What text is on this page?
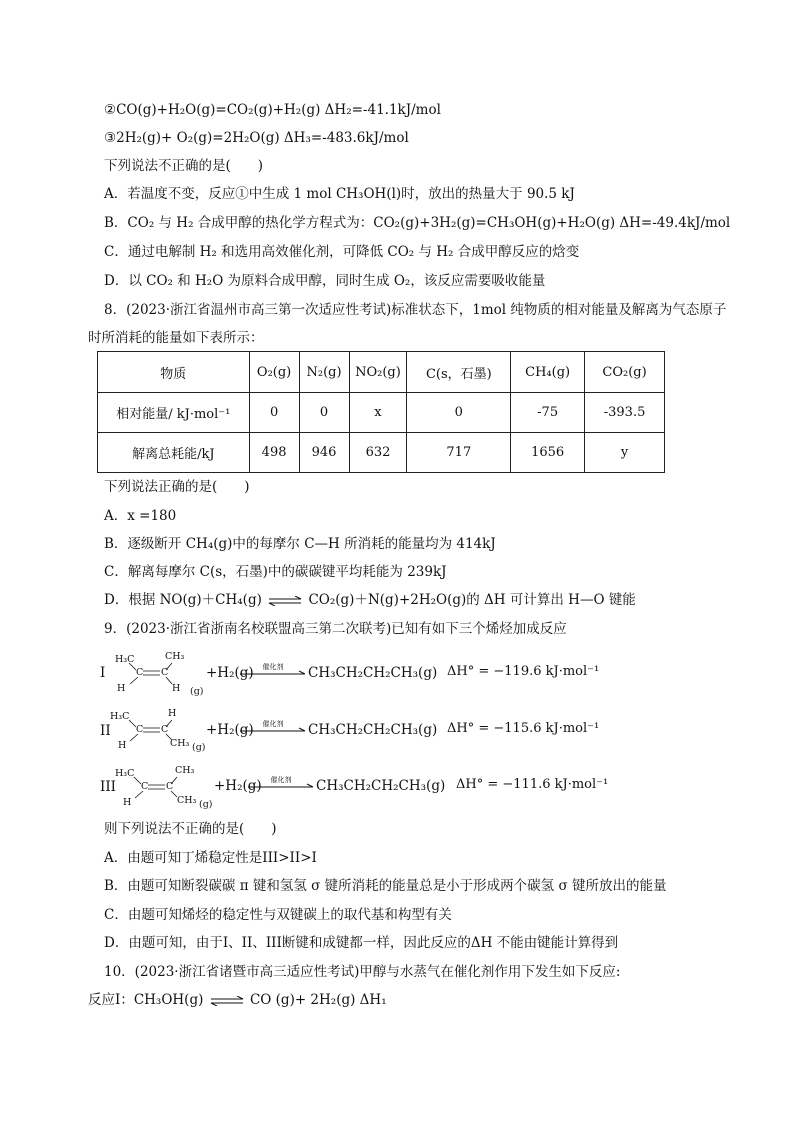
②CO(g)+H₂O(g)=CO₂(g)+H₂(g) ΔH₂=-41.1kJ/mol
③2H₂(g)+ O₂(g)=2H₂O(g) ΔH₃=-483.6kJ/mol
下列说法不正确的是(　　)
A．若温度不变，反应①中生成 1 mol CH₃OH(l)时，放出的热量大于 90.5 kJ
B．CO₂ 与 H₂ 合成甲醇的热化学方程式为：CO₂(g)+3H₂(g)=CH₃OH(g)+H₂O(g) ΔH=-49.4kJ/mol
C．通过电解制 H₂ 和选用高效催化剂，可降低 CO₂ 与 H₂ 合成甲醇反应的焓变
D．以 CO₂ 和 H₂O 为原料合成甲醇，同时生成 O₂，该反应需要吸收能量
8．(2023·浙江省温州市高三第一次适应性考试)标准状态下，1mol 纯物质的相对能量及解离为气态原子
时所消耗的能量如下表所示：
物质	O₂(g)	N₂(g)	NO₂(g)	C(s，石墨)	CH₄(g)	CO₂(g)
相对能量/ kJ·mol⁻¹	0	0	x	0	-75	-393.5
解离总耗能/kJ	498	946	632	717	1656	y
下列说法正确的是(　　)
A．x =180
B．逐级断开 CH₄(g)中的每摩尔 C—H 所消耗的能量均为 414kJ
C．解离每摩尔 C(s，石墨)中的碳碳键平均耗能为 239kJ
D．根据 NO(g)＋CH₄(g) ⇌ CO₂(g)＋N(g)+2H₂O(g)的 ΔH 可计算出 H—O 键能
9．(2023·浙江省浙南名校联盟高三第二次联考)已知有如下三个烯烃加成反应
I
H₃C	CH₃
C C
H	H (g)
+H₂(g)	催化剂	CH₃CH₂CH₂CH₃(g) ΔH° = −119.6 kJ·mol⁻¹
II
H₃C	H
C C
H	CH₃ (g)
+H₂(g)	催化剂	CH₃CH₂CH₂CH₃(g) ΔH° = −115.6 kJ·mol⁻¹
III
H₃C	CH₃
C C
H	CH₃ (g)
+H₂(g)	催化剂	CH₃CH₂CH₂CH₃(g) ΔH° = −111.6 kJ·mol⁻¹
则下列说法不正确的是(　　)
A．由题可知丁烯稳定性是III>II>I
B．由题可知断裂碳碳 π 键和氢氢 σ 键所消耗的能量总是小于形成两个碳氢 σ 键所放出的能量
C．由题可知烯烃的稳定性与双键碳上的取代基和构型有关
D．由题可知，由于I、II、III断键和成键都一样，因此反应的ΔH 不能由键能计算得到
10．(2023·浙江省诸暨市高三适应性考试)甲醇与水蒸气在催化剂作用下发生如下反应:
反应I：CH₃OH(g) ⇌ CO (g)+ 2H₂(g) ΔH₁
